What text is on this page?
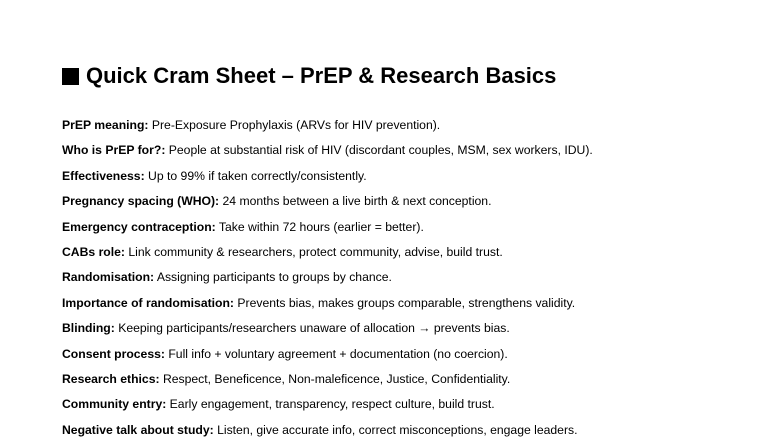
Quick Cram Sheet – PrEP & Research Basics
PrEP meaning: Pre-Exposure Prophylaxis (ARVs for HIV prevention).
Who is PrEP for?: People at substantial risk of HIV (discordant couples, MSM, sex workers, IDU).
Effectiveness: Up to 99% if taken correctly/consistently.
Pregnancy spacing (WHO): 24 months between a live birth & next conception.
Emergency contraception: Take within 72 hours (earlier = better).
CABs role: Link community & researchers, protect community, advise, build trust.
Randomisation: Assigning participants to groups by chance.
Importance of randomisation: Prevents bias, makes groups comparable, strengthens validity.
Blinding: Keeping participants/researchers unaware of allocation → prevents bias.
Consent process: Full info + voluntary agreement + documentation (no coercion).
Research ethics: Respect, Beneficence, Non-maleficence, Justice, Confidentiality.
Community entry: Early engagement, transparency, respect culture, build trust.
Negative talk about study: Listen, give accurate info, correct misconceptions, engage leaders.
